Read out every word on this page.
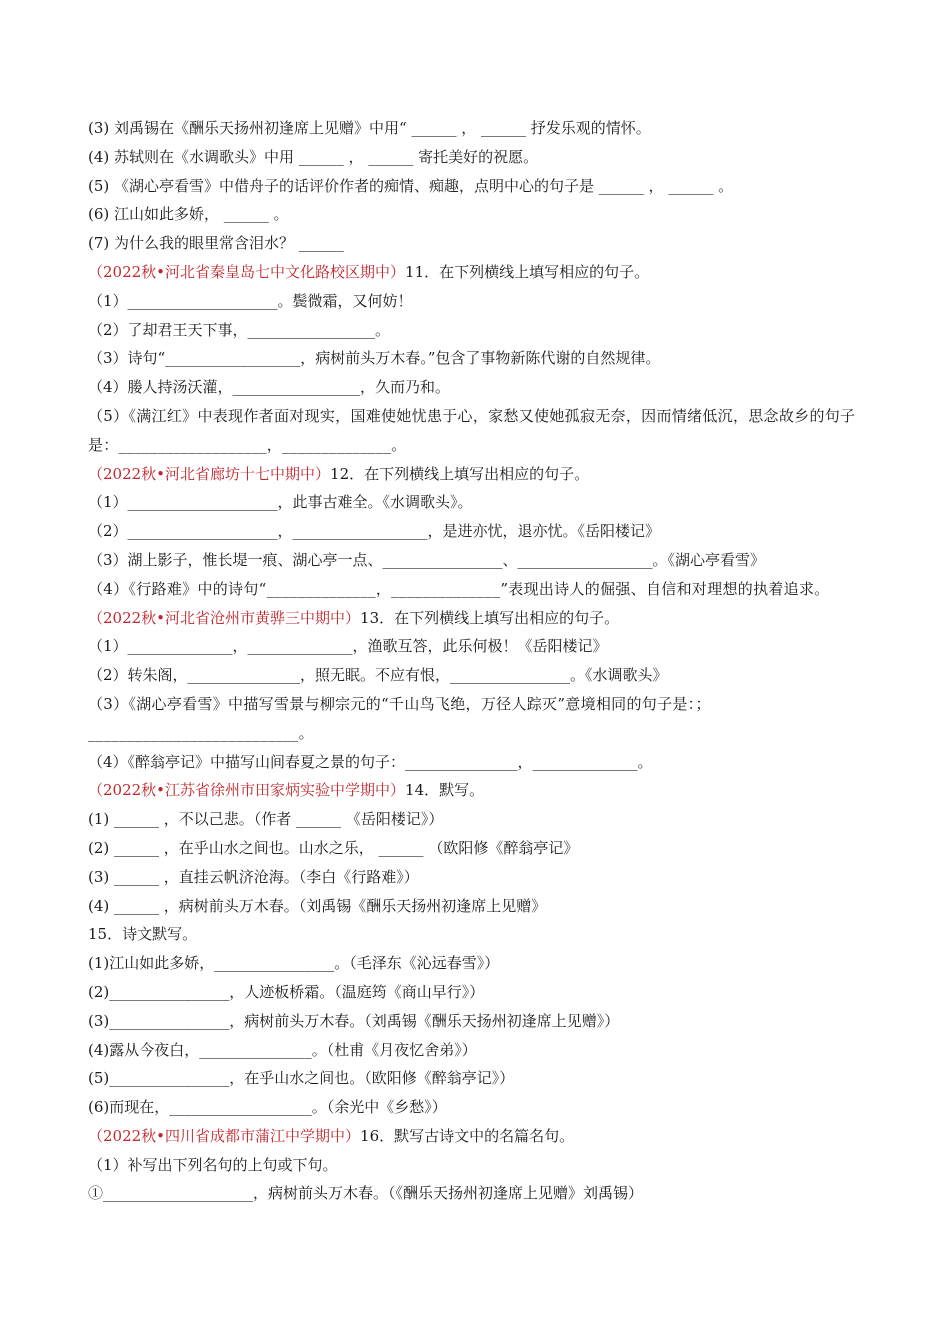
(3) 刘禹锡在《酬乐天扬州初逢席上见赠》中用“ ______ ， ______ 抒发乐观的情怀。
(4) 苏轼则在《水调歌头》中用 ______ ， ______ 寄托美好的祝愿。
(5) 《湖心亭看雪》中借舟子的话评价作者的痴情、痴趣，点明中心的句子是 ______ ， ______ 。
(6) 江山如此多娇， ______ 。
(7) 为什么我的眼里常含泪水？ ______
（2022秋•河北省秦皇岛七中文化路校区期中）11．在下列横线上填写相应的句子。
（1）____________________。鬓微霜，又何妨！
（2）了却君王天下事，_________________。
（3）诗句“__________________，病树前头万木春。”包含了事物新陈代谢的自然规律。
（4）媵人持汤沃灌，_________________，久而乃和。
（5）《满江红》中表现作者面对现实，国难使她忧患于心，家愁又使她孤寂无奈，因而情绪低沉，思念故乡的句子是：___________________，______________。
（2022秋•河北省廊坊十七中期中）12．在下列横线上填写出相应的句子。
（1）____________________，此事古难全。《水调歌头》。
（2）____________________，__________________，是进亦忧，退亦忧。《岳阳楼记》
（3）湖上影子，惟长堤一痕、湖心亭一点、________________、__________________。《湖心亭看雪》
（4）《行路难》中的诗句“______________，______________”表现出诗人的倔强、自信和对理想的执着追求。
（2022秋•河北省沧州市黄骅三中期中）13．在下列横线上填写出相应的句子。
（1）______________，______________，渔歌互答，此乐何极！《岳阳楼记》
（2）转朱阁，_______________，照无眠。不应有恨，________________。《水调歌头》
（3）《湖心亭看雪》中描写雪景与柳宗元的“千山鸟飞绝，万径人踪灭”意境相同的句子是：；___________________________。
（4）《醉翁亭记》中描写山间春夏之景的句子：_______________，______________。
（2022秋•江苏省徐州市田家炳实验中学期中）14．默写。
(1) ______ ，不以己悲。（作者 ______ 《岳阳楼记》）
(2) ______ ，在乎山水之间也。山水之乐， ______ （欧阳修《醉翁亭记》
(3) ______ ，直挂云帆济沧海。（李白《行路难》）
(4) ______ ，病树前头万木春。（刘禹锡《酬乐天扬州初逢席上见赠》
15．诗文默写。
(1)江山如此多娇，________________。（毛泽东《沁远春雪》）
(2)________________，人迹板桥霜。（温庭筠《商山早行》）
(3)________________，病树前头万木春。（刘禹锡《酬乐天扬州初逢席上见赠》）
(4)露从今夜白，_______________。（杜甫《月夜忆舍弟》）
(5)________________，在乎山水之间也。（欧阳修《醉翁亭记》）
(6)而现在，___________________。（余光中《乡愁》）
（2022秋•四川省成都市蒲江中学期中）16．默写古诗文中的名篇名句。
（1）补写出下列名句的上句或下句。
①____________________，病树前头万木春。（《酬乐天扬州初逢席上见赠》刘禹锡）
